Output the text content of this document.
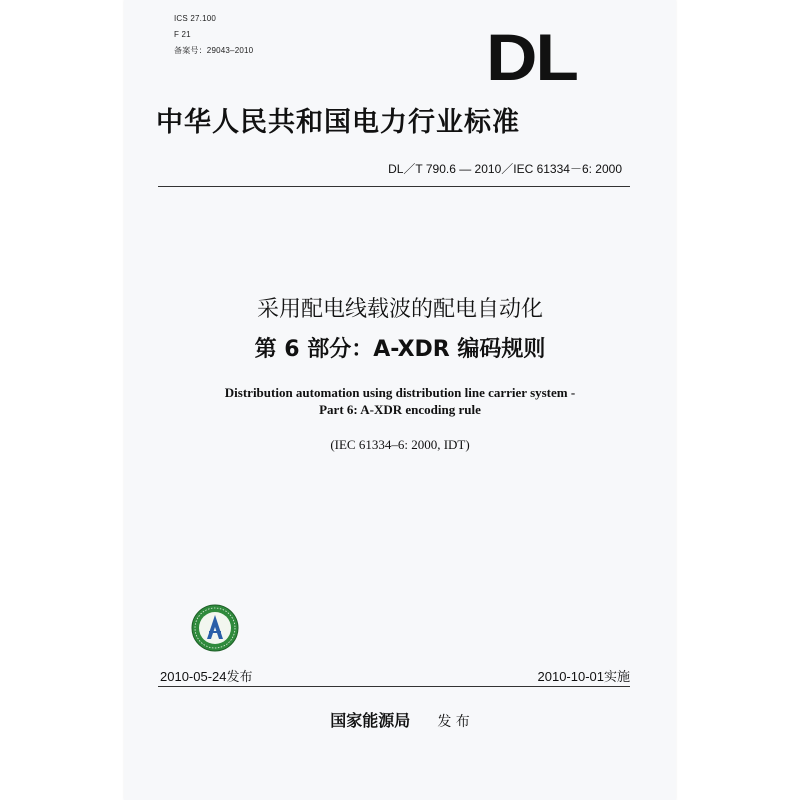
ICS 27.100
F 21
备案号：29043–2010	DL
中华人民共和国电力行业标准
DL／T 790.6 — 2010／IEC 61334－6: 2000
采用配电线载波的配电自动化
第 6 部分：A-XDR 编码规则
Distribution automation using distribution line carrier system -
Part 6: A-XDR encoding rule
(IEC 61334–6: 2000, IDT)
2010-05-24发布	2010-10-01实施
国家能源局 发 布
